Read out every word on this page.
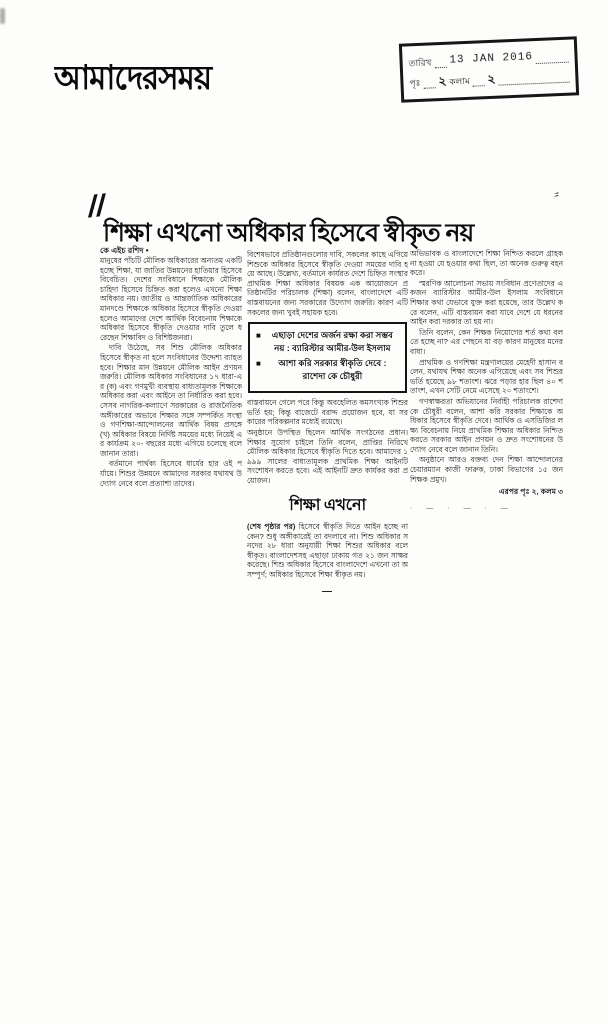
আমাদেরসময়	তারিখ 13 JAN 2016
পৃঃ ২ কলাম ২
//
শিক্ষা এখনো অধিকার হিসেবে স্বীকৃত নয়
〞
কে এইচ রশিদ •

মানুষের পাঁচটি মৌলিক অধিকারের অন্যতম একটি হচ্ছে শিক্ষা, যা জাতির উন্নয়নের হাতিয়ার হিসেবে বিবেচিত। দেশের সংবিধানে শিক্ষাকে মৌলিক চাহিদা হিসেবে চিহ্নিত করা হলেও এখনো শিক্ষা অধিকার নয়। জাতীয় ও আন্তর্জাতিক অধিকারের মানদণ্ডে শিক্ষাকে অধিকার হিসেবে স্বীকৃতি দেওয়া হলেও আমাদের দেশে আর্থিক বিবেচনায় শিক্ষাকে অধিকার হিসেবে স্বীকৃতি দেওয়ার দাবি তুলে ধরেছেন শিক্ষাবিদ ও বিশিষ্টজনরা।

দাবি উঠেছে, সব শিশু মৌলিক অধিকার হিসেবে স্বীকৃত না হলে সংবিধানের উদ্দেশ্য ব্যাহত হবে। শিক্ষার মান উন্নয়নে মৌলিক আইন প্রণয়ন জরুরি। মৌলিক অধিকার সংবিধানের ১৭ ধারা-এর (ক) এবং গণমুখী ব্যবস্থায় বাধ্যতামূলক শিক্ষাকে অধিকার করা এবং আইনে তা নির্ধারিত করা হবে। সেসব নাগরিক-কল্যাণে সরকারের ও রাজনৈতিক অঙ্গীকারের অভাবে শিক্ষার সঙ্গে সম্পর্কিত সংস্থা ও গণশিক্ষা-আন্দোলনের আর্থিক বিষয় প্রসঙ্গে (খ) অধিকার বিষয়ে নির্দিষ্ট সময়ের মধ্যে নিয়েই এর কার্যক্রম ২০- বছরের মধ্যে এগিয়ে চলেছে বলে জানান তারা।

বর্তমানে পার্থক্য হিসেবে ধার্যের হার ওই পর্যায়ে। শিশুর উন্নয়নে আমাদের সরকার যথাযথ উদ্যোগ নেবে বলে প্রত্যাশা তাদের।

বিশেষভাবে প্রতিষ্ঠানগুলোর দাবি, সকলের কাছে এগিয়ে শিশুকে অধিকার হিসেবে স্বীকৃতি দেওয়া সময়ের দাবি হয়ে আছে। উল্লেখ্য, বর্তমানে কার্যরত দেশে চিহ্নিত সংস্থার প্রাথমিক শিক্ষা অধিকার বিষয়ক এক আয়োজনে প্রতিষ্ঠানটির পরিচালক (শিক্ষা) বলেন, বাংলাদেশে এটি বাস্তবায়নের জন্য সরকারের উদ্যোগ জরুরি। কারণ এটি সকলের জন্য খুবই সহায়ক হবে।

■	এছাড়া দেশের অর্জন রক্ষা করা সম্ভব নয় : ব্যারিস্টার আমীর-উল ইসলাম
■	আশা করি সরকার স্বীকৃতি দেবে : রাশেদা কে চৌধুরী

বাস্তবায়নে গেলে পরে কিন্তু অবহেলিত কমসংখ্যক শিশুর ভর্তি হয়; কিন্তু বাজেটে বরাদ্দ প্রয়োজন হবে, যা সরকারের পরিকল্পনার মধ্যেই রয়েছে।

অনুষ্ঠানে উপস্থিত ছিলেন আর্থিক সংগঠনের প্রধান। শিক্ষার সুযোগ চাইলে তিনি বলেন, প্রাপ্তির নিরিখে মৌলিক অধিকার হিসেবে স্বীকৃতি দিতে হবে। আমাদের ১৯৯৯ সালের বাধ্যতামূলক প্রাথমিক শিক্ষা আইনটি সংশোধন করতে হবে। এই আইনটি দ্রুত কার্যকর করা প্রয়োজন।

শিক্ষা এখনো

(শেষ পৃষ্ঠার পর) হিসেবে স্বীকৃতি দিতে আইন হচ্ছে না কেন? শুধু অঙ্গীকারেই তা বদলাবে না। শিশু অধিকার সনদের ২৮ ধারা অনুযায়ী শিক্ষা শিশুর অধিকার বলে স্বীকৃত। বাংলাদেশসহ এছাড়া ঢাকায় গত ২১ জন সাক্ষর করেছে। শিশু অধিকার হিসেবে বাংলাদেশে এখনো তা অসম্পূর্ণ; অধিকার হিসেবে শিক্ষা স্বীকৃত নয়।

—

অভিভাবক ও বাংলাদেশে শিক্ষা নিশ্চিত করলে গ্রাহক না হওয়া যে হওয়ার কথা ছিল, তা অনেক গুরুত্ব বহন করে।

স্মরণিক আলোচনা সভায় সংবিধান প্রণেতাদের একজন ব্যারিস্টার আমীর-উল ইসলাম সংবিধানে শিক্ষার কথা যেভাবে যুক্ত করা হয়েছে, তার উল্লেখ করে বলেন, এটি বাস্তবায়ন করা যাবে দেশে যে ধরনের আইন করা দরকার তা হয় না।

তিনি বলেন, কেন শিক্ষক নিয়োগের শর্ত কথা বলতে হচ্ছে না? এর পেছনে যা বড় কারণ মানুষের মনের বাধা।

প্রাথমিক ও গণশিক্ষা মন্ত্রণালয়ের মেহেদী হাসান বলেন, যথাযথ শিক্ষা অনেক এগিয়েছে এবং সব শিশুর ভর্তি হয়েছে ৯৮ শতাংশ। ঝরে পড়ার হার ছিল ৪০ শতাংশ, এখন সেটি নেমে এসেছে ২০ শতাংশে।

গণস্বাক্ষরতা অভিযানের নির্বাহী পরিচালক রাশেদা কে চৌধুরী বলেন, আশা করি সরকার শিক্ষাকে অধিকার হিসেবে স্বীকৃতি দেবে। আর্থিক ও এসডিজির লক্ষ্য বিবেচনায় নিয়ে প্রাথমিক শিক্ষার অধিকার নিশ্চিত করতে সরকার আইন প্রণয়ন ও দ্রুত সংশোধনের উদ্যোগ নেবে বলে জানান তিনি।

অনুষ্ঠানে আরও বক্তব্য দেন শিক্ষা আন্দোলনের চেয়ারম্যান কাজী ফারুক, ঢাকা বিভাগের ১৫ জন শিক্ষক প্রমুখ।

এরপর পৃঃ ২, কলম ৩
· — · — · —
